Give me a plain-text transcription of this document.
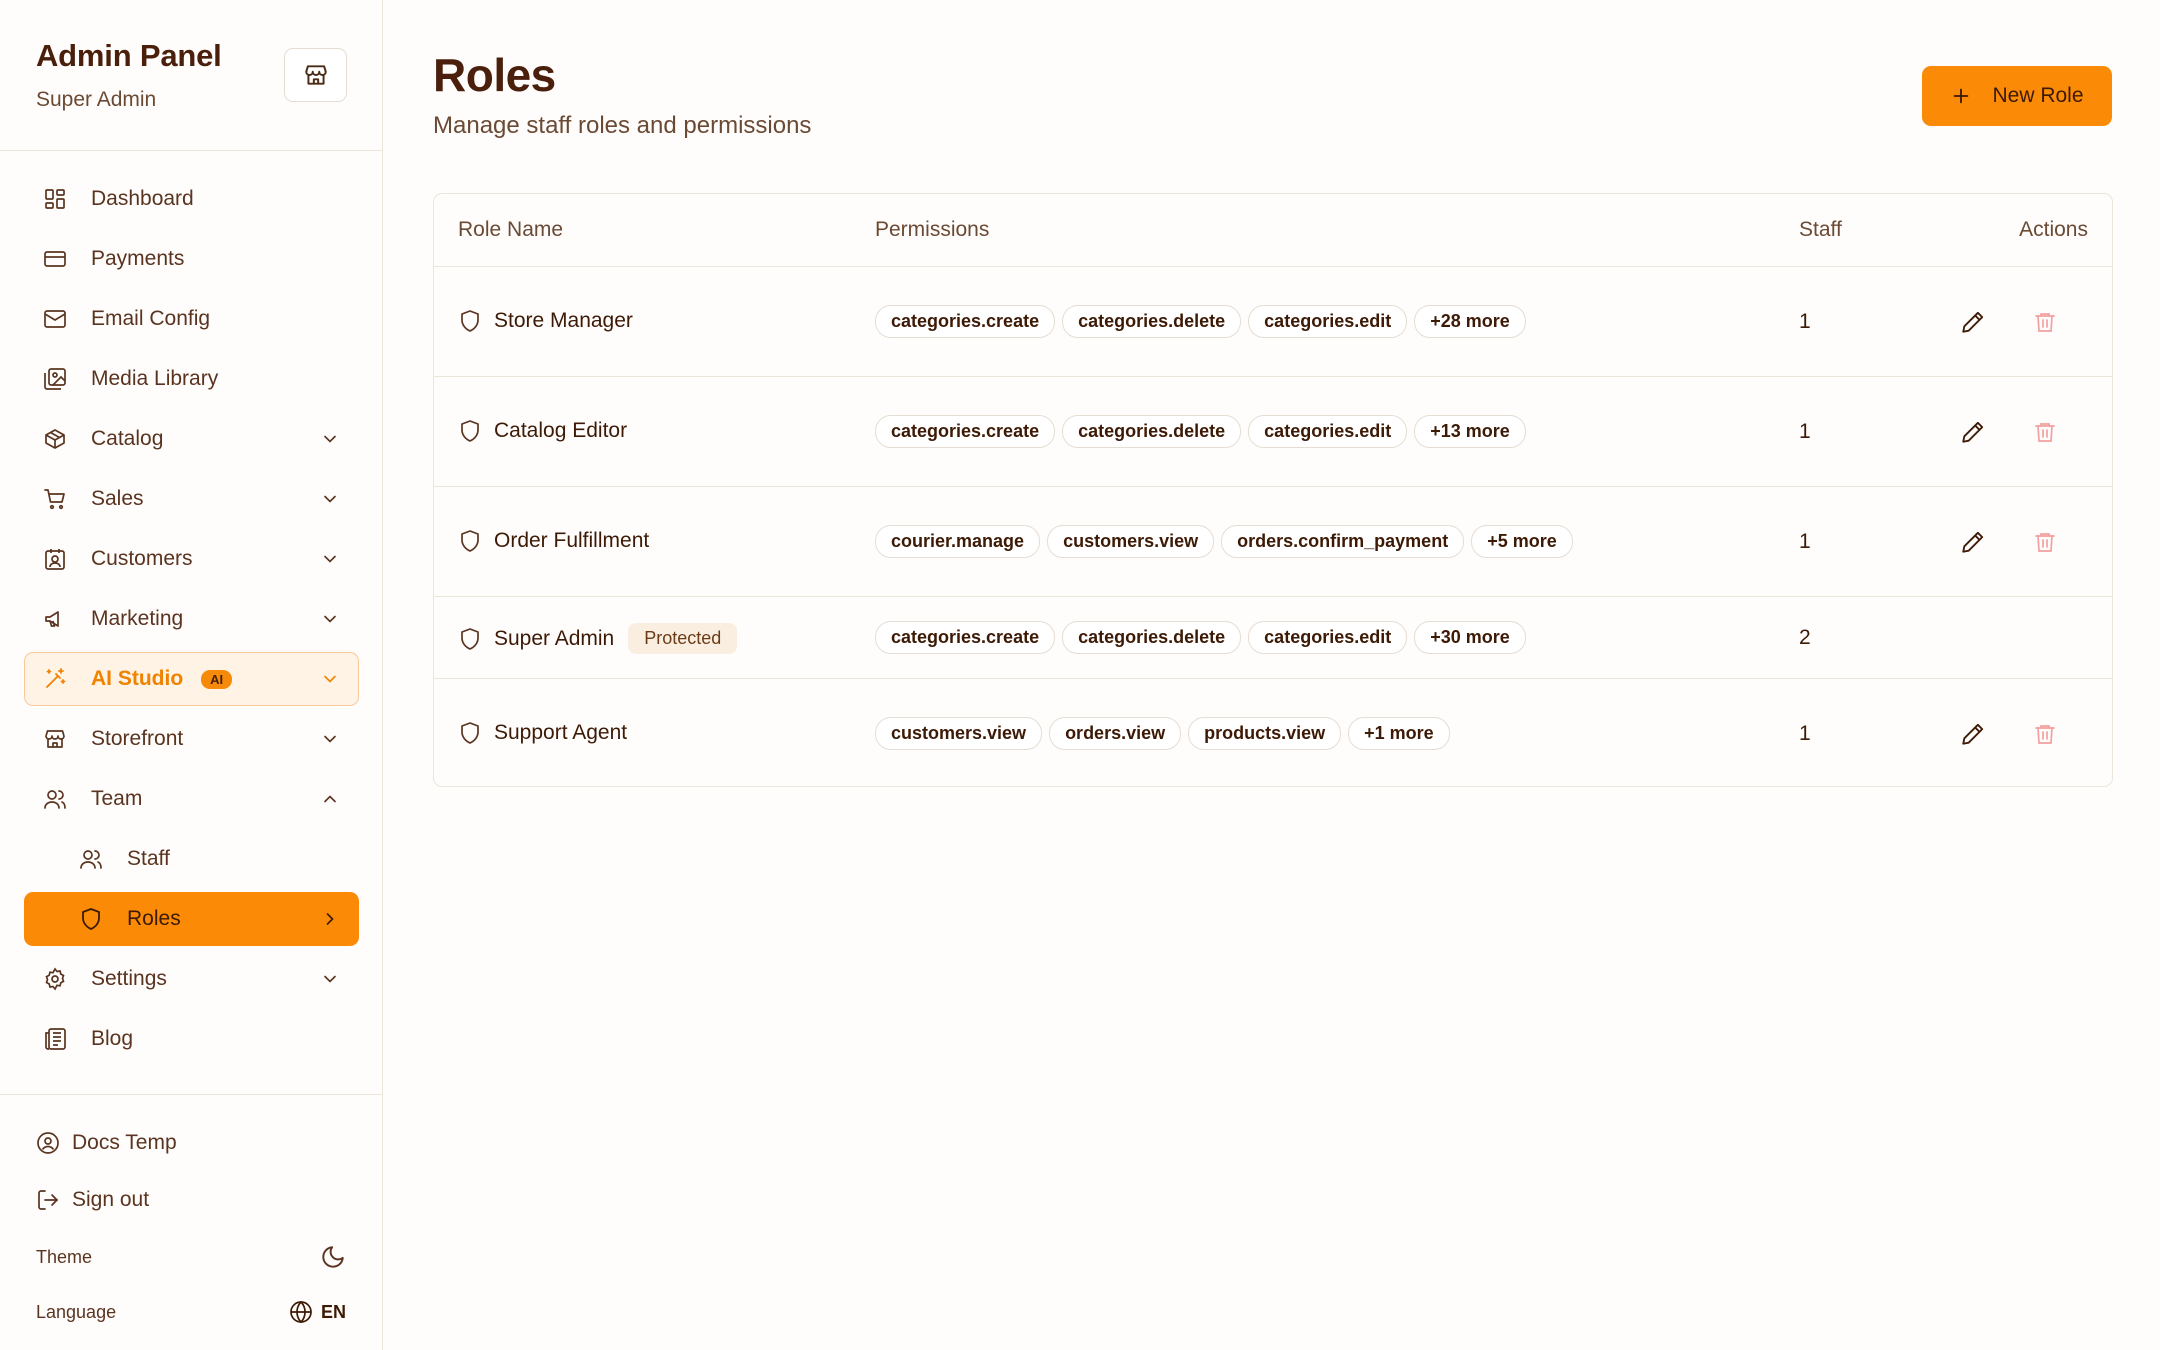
Admin Panel
Super Admin
Dashboard
Payments
Email Config
Media Library
Catalog
Sales
Customers
Marketing
AI Studio AI
Storefront
Team
Staff
Roles
Settings
Blog
Docs Temp
Sign out
Theme
Language	EN
Roles
Manage staff roles and permissions
New Role
Role Name	Permissions	Staff	Actions
Store Manager	categories.create	categories.delete	categories.edit	+28 more	1
Catalog Editor	categories.create	categories.delete	categories.edit	+13 more	1
Order Fulfillment	courier.manage	customers.view	orders.confirm_payment	+5 more	1
Super Admin	Protected	categories.create	categories.delete	categories.edit	+30 more	2
Support Agent	customers.view	orders.view	products.view	+1 more	1
